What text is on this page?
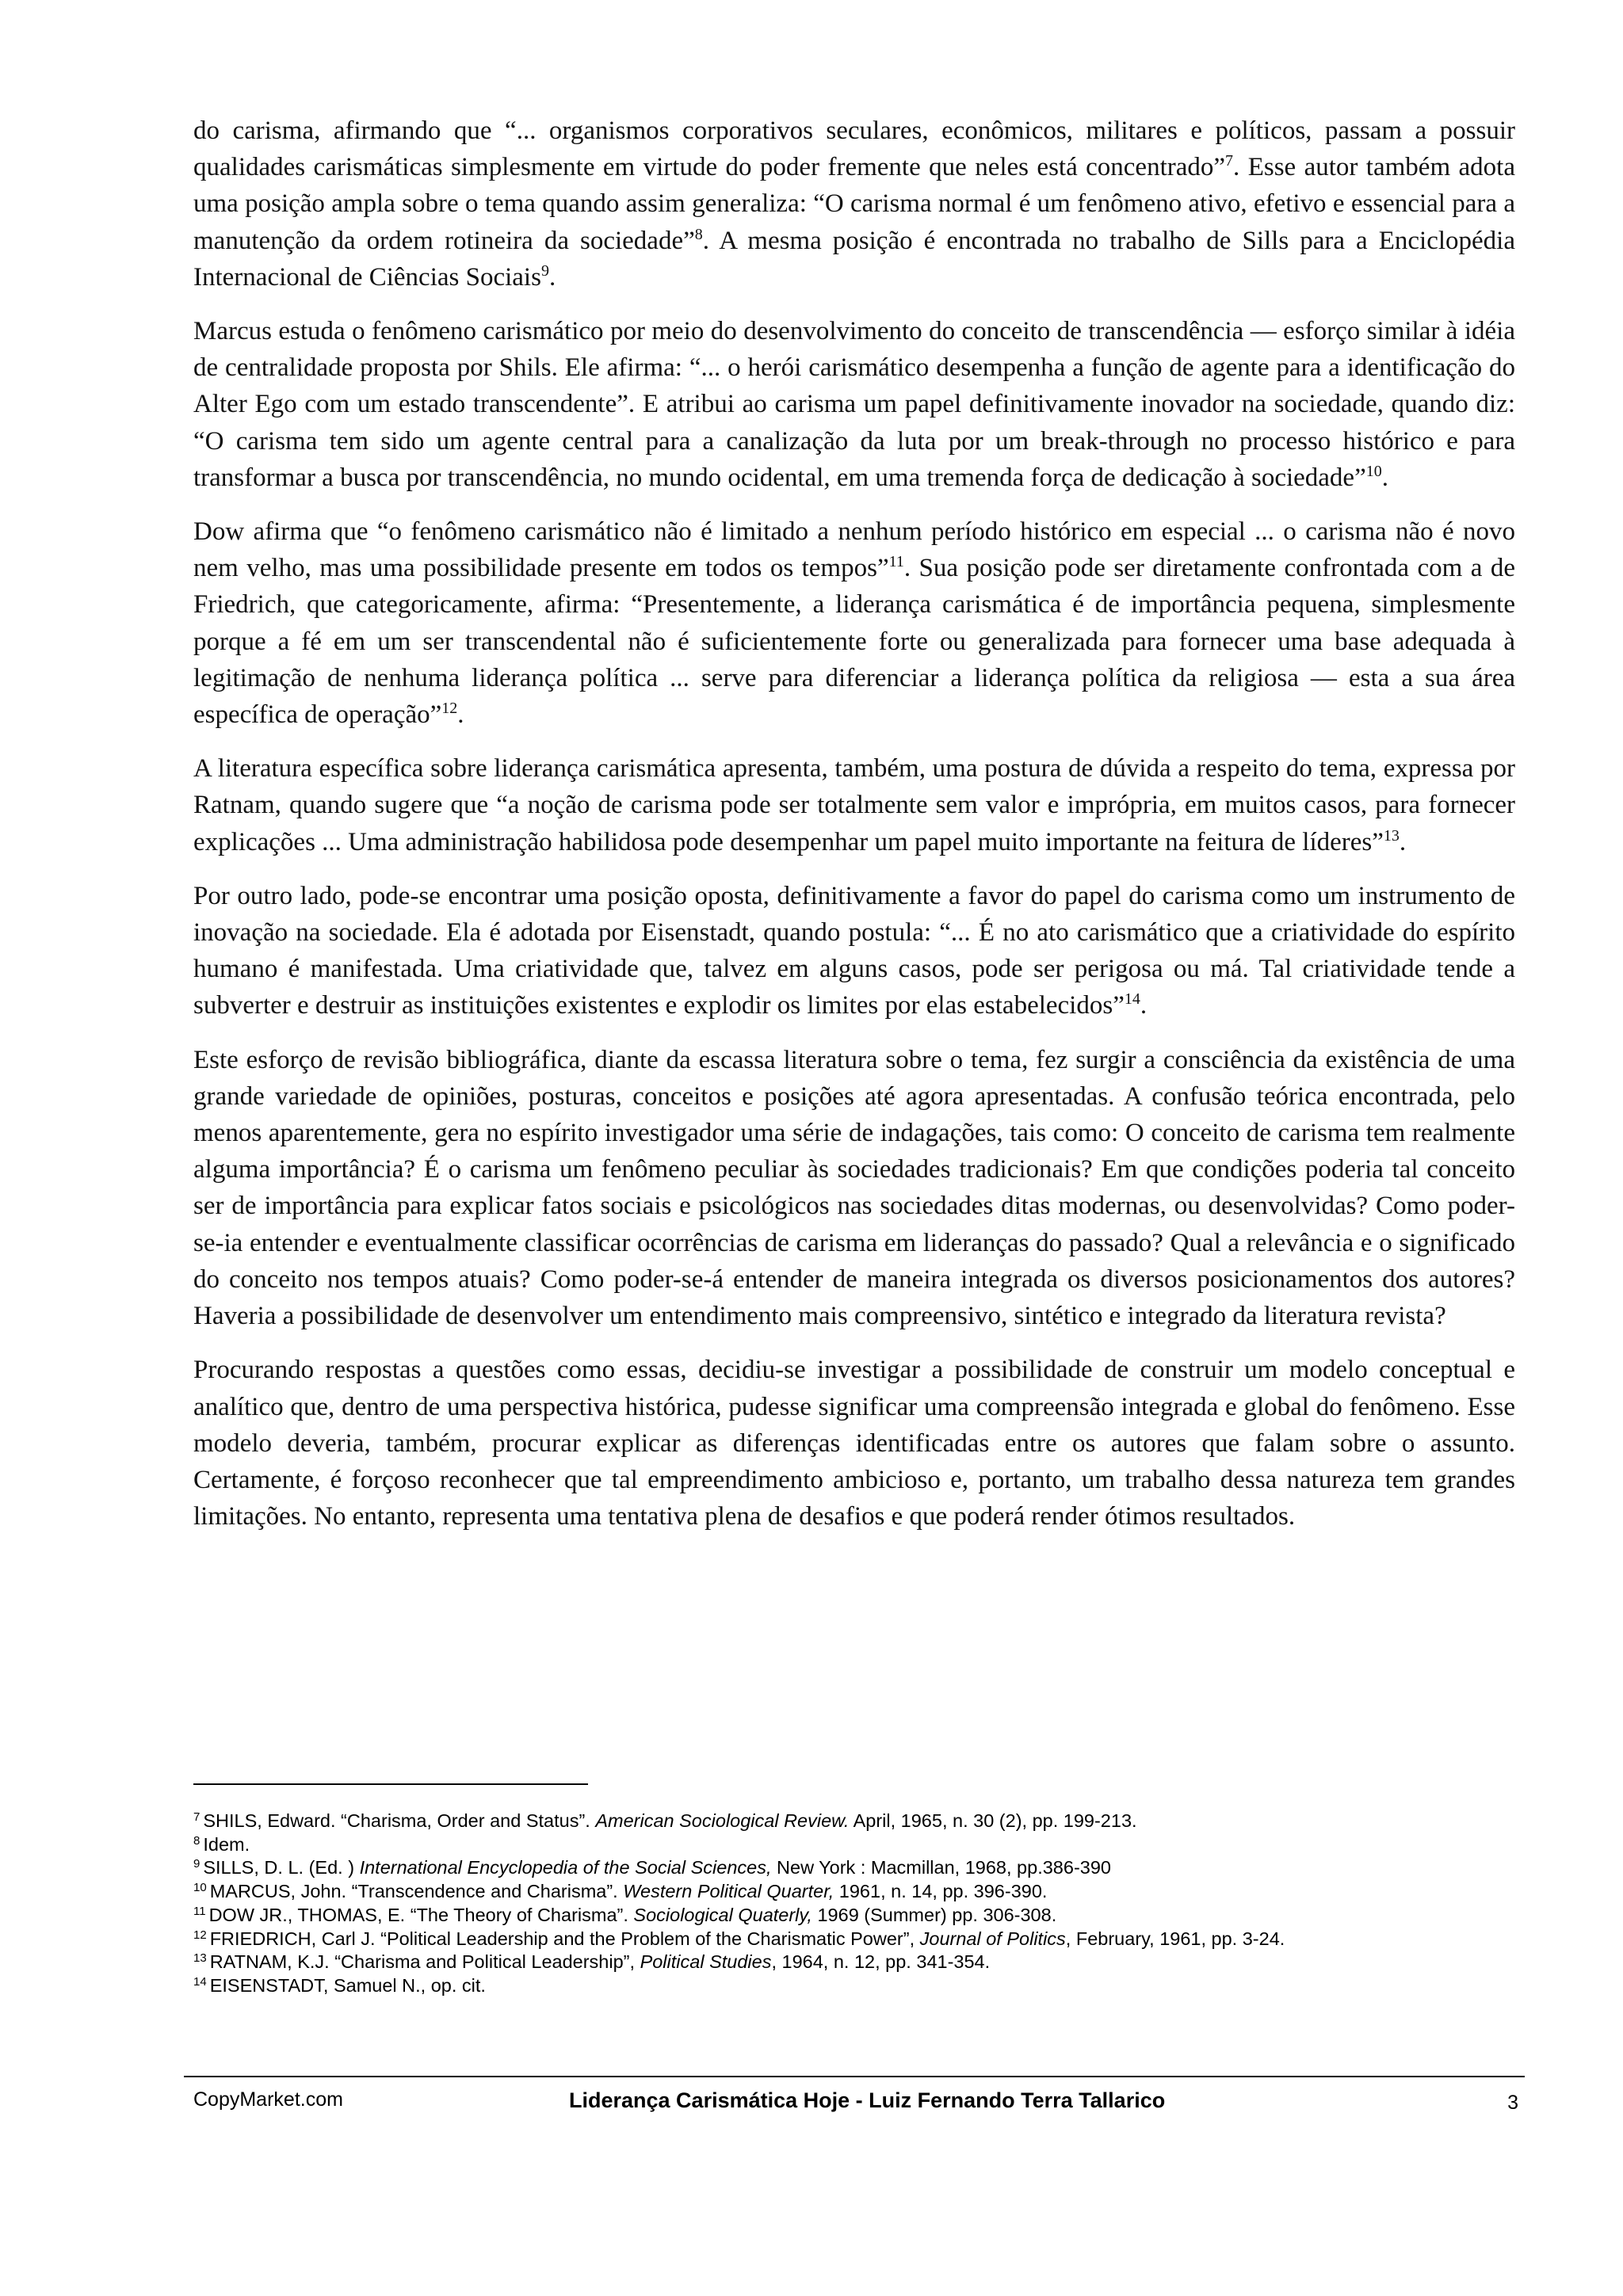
do carisma, afirmando que “... organismos corporativos seculares, econômicos, militares e políticos, passam a possuir qualidades carismáticas simplesmente em virtude do poder fremente que neles está concentrado”$^7$. Esse autor também adota uma posição ampla sobre o tema quando assim generaliza: “O carisma normal é um fenômeno ativo, efetivo e essencial para a manutenção da ordem rotineira da sociedade”$^8$. A mesma posição é encontrada no trabalho de Sills para a Enciclopédia Internacional de Ciências Sociais$^9$.

Marcus estuda o fenômeno carismático por meio do desenvolvimento do conceito de transcendência — esforço similar à idéia de centralidade proposta por Shils. Ele afirma: “... o herói carismático desempenha a função de agente para a identificação do Alter Ego com um estado transcendente”. E atribui ao carisma um papel definitivamente inovador na sociedade, quando diz: “O carisma tem sido um agente central para a canalização da luta por um break-through no processo histórico e para transformar a busca por transcendência, no mundo ocidental, em uma tremenda força de dedicação à sociedade”$^{10}$.

Dow afirma que “o fenômeno carismático não é limitado a nenhum período histórico em especial ... o carisma não é novo nem velho, mas uma possibilidade presente em todos os tempos”$^{11}$. Sua posição pode ser diretamente confrontada com a de Friedrich, que categoricamente, afirma: “Presentemente, a liderança carismática é de importância pequena, simplesmente porque a fé em um ser transcendental não é suficientemente forte ou generalizada para fornecer uma base adequada à legitimação de nenhuma liderança política ... serve para diferenciar a liderança política da religiosa — esta a sua área específica de operação”$^{12}$.

A literatura específica sobre liderança carismática apresenta, também, uma postura de dúvida a respeito do tema, expressa por Ratnam, quando sugere que “a noção de carisma pode ser totalmente sem valor e imprópria, em muitos casos, para fornecer explicações ... Uma administração habilidosa pode desempenhar um papel muito importante na feitura de líderes”$^{13}$.

Por outro lado, pode-se encontrar uma posição oposta, definitivamente a favor do papel do carisma como um instrumento de inovação na sociedade. Ela é adotada por Eisenstadt, quando postula: “... É no ato carismático que a criatividade do espírito humano é manifestada. Uma criatividade que, talvez em alguns casos, pode ser perigosa ou má. Tal criatividade tende a subverter e destruir as instituições existentes e explodir os limites por elas estabelecidos”$^{14}$.

Este esforço de revisão bibliográfica, diante da escassa literatura sobre o tema, fez surgir a consciência da existência de uma grande variedade de opiniões, posturas, conceitos e posições até agora apresentadas. A confusão teórica encontrada, pelo menos aparentemente, gera no espírito investigador uma série de indagações, tais como: O conceito de carisma tem realmente alguma importância? É o carisma um fenômeno peculiar às sociedades tradicionais? Em que condições poderia tal conceito ser de importância para explicar fatos sociais e psicológicos nas sociedades ditas modernas, ou desenvolvidas? Como poder-se-ia entender e eventualmente classificar ocorrências de carisma em lideranças do passado? Qual a relevância e o significado do conceito nos tempos atuais? Como poder-se-á entender de maneira integrada os diversos posicionamentos dos autores? Haveria a possibilidade de desenvolver um entendimento mais compreensivo, sintético e integrado da literatura revista?

Procurando respostas a questões como essas, decidiu-se investigar a possibilidade de construir um modelo conceptual e analítico que, dentro de uma perspectiva histórica, pudesse significar uma compreensão integrada e global do fenômeno. Esse modelo deveria, também, procurar explicar as diferenças identificadas entre os autores que falam sobre o assunto. Certamente, é forçoso reconhecer que tal empreendimento ambicioso e, portanto, um trabalho dessa natureza tem grandes limitações. No entanto, representa uma tentativa plena de desafios e que poderá render ótimos resultados.

$^7$ SHILS, Edward. “Charisma, Order and Status”. American Sociological Review. April, 1965, n. 30 (2), pp. 199-213.
$^8$ Idem.
$^9$ SILLS, D. L. (Ed. ) International Encyclopedia of the Social Sciences, New York : Macmillan, 1968, pp.386-390
$^{10}$ MARCUS, John. “Transcendence and Charisma”. Western Political Quarter, 1961, n. 14, pp. 396-390.
$^{11}$ DOW JR., THOMAS, E. “The Theory of Charisma”. Sociological Quaterly, 1969 (Summer) pp. 306-308.
$^{12}$ FRIEDRICH, Carl J. “Political Leadership and the Problem of the Charismatic Power”, Journal of Politics, February, 1961, pp. 3-24.
$^{13}$ RATNAM, K.J. “Charisma and Political Leadership”, Political Studies, 1964, n. 12, pp. 341-354.
$^{14}$ EISENSTADT, Samuel N., op. cit.
CopyMarket.com	Liderança Carismática Hoje - Luiz Fernando Terra Tallarico	3
